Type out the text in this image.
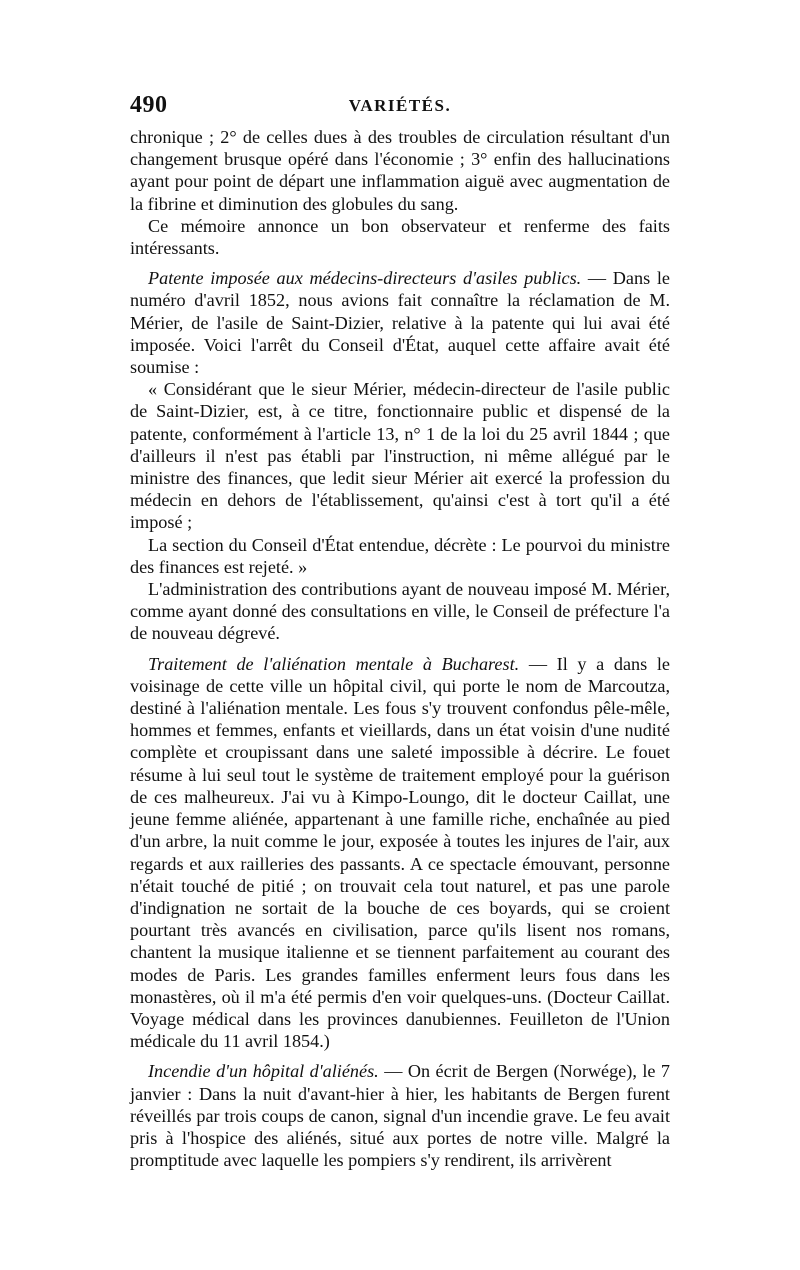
490	VARIÉTÉS.

chronique ; 2° de celles dues à des troubles de circulation résultant d'un changement brusque opéré dans l'économie ; 3° enfin des hallucinations ayant pour point de départ une inflammation aiguë avec augmentation de la fibrine et diminution des globules du sang.

Ce mémoire annonce un bon observateur et renferme des faits intéressants.

Patente imposée aux médecins-directeurs d'asiles publics. — Dans le numéro d'avril 1852, nous avions fait connaître la réclamation de M. Mérier, de l'asile de Saint-Dizier, relative à la patente qui lui avai été imposée. Voici l'arrêt du Conseil d'État, auquel cette affaire avait été soumise :

« Considérant que le sieur Mérier, médecin-directeur de l'asile public de Saint-Dizier, est, à ce titre, fonctionnaire public et dispensé de la patente, conformément à l'article 13, n° 1 de la loi du 25 avril 1844 ; que d'ailleurs il n'est pas établi par l'instruction, ni même allégué par le ministre des finances, que ledit sieur Mérier ait exercé la profession du médecin en dehors de l'établissement, qu'ainsi c'est à tort qu'il a été imposé ;

La section du Conseil d'État entendue, décrète : Le pourvoi du ministre des finances est rejeté. »

L'administration des contributions ayant de nouveau imposé M. Mérier, comme ayant donné des consultations en ville, le Conseil de préfecture l'a de nouveau dégrevé.

Traitement de l'aliénation mentale à Bucharest. — Il y a dans le voisinage de cette ville un hôpital civil, qui porte le nom de Marcoutza, destiné à l'aliénation mentale. Les fous s'y trouvent confondus pêle-mêle, hommes et femmes, enfants et vieillards, dans un état voisin d'une nudité complète et croupissant dans une saleté impossible à décrire. Le fouet résume à lui seul tout le système de traitement employé pour la guérison de ces malheureux. J'ai vu à Kimpo-Loungo, dit le docteur Caillat, une jeune femme aliénée, appartenant à une famille riche, enchaînée au pied d'un arbre, la nuit comme le jour, exposée à toutes les injures de l'air, aux regards et aux railleries des passants. A ce spectacle émouvant, personne n'était touché de pitié ; on trouvait cela tout naturel, et pas une parole d'indignation ne sortait de la bouche de ces boyards, qui se croient pourtant très avancés en civilisation, parce qu'ils lisent nos romans, chantent la musique italienne et se tiennent parfaitement au courant des modes de Paris. Les grandes familles enferment leurs fous dans les monastères, où il m'a été permis d'en voir quelques-uns. (Docteur Caillat. Voyage médical dans les provinces danubiennes. Feuilleton de l'Union médicale du 11 avril 1854.)

Incendie d'un hôpital d'aliénés. — On écrit de Bergen (Norwége), le 7 janvier : Dans la nuit d'avant-hier à hier, les habitants de Bergen furent réveillés par trois coups de canon, signal d'un incendie grave. Le feu avait pris à l'hospice des aliénés, situé aux portes de notre ville. Malgré la promptitude avec laquelle les pompiers s'y rendirent, ils arrivèrent
